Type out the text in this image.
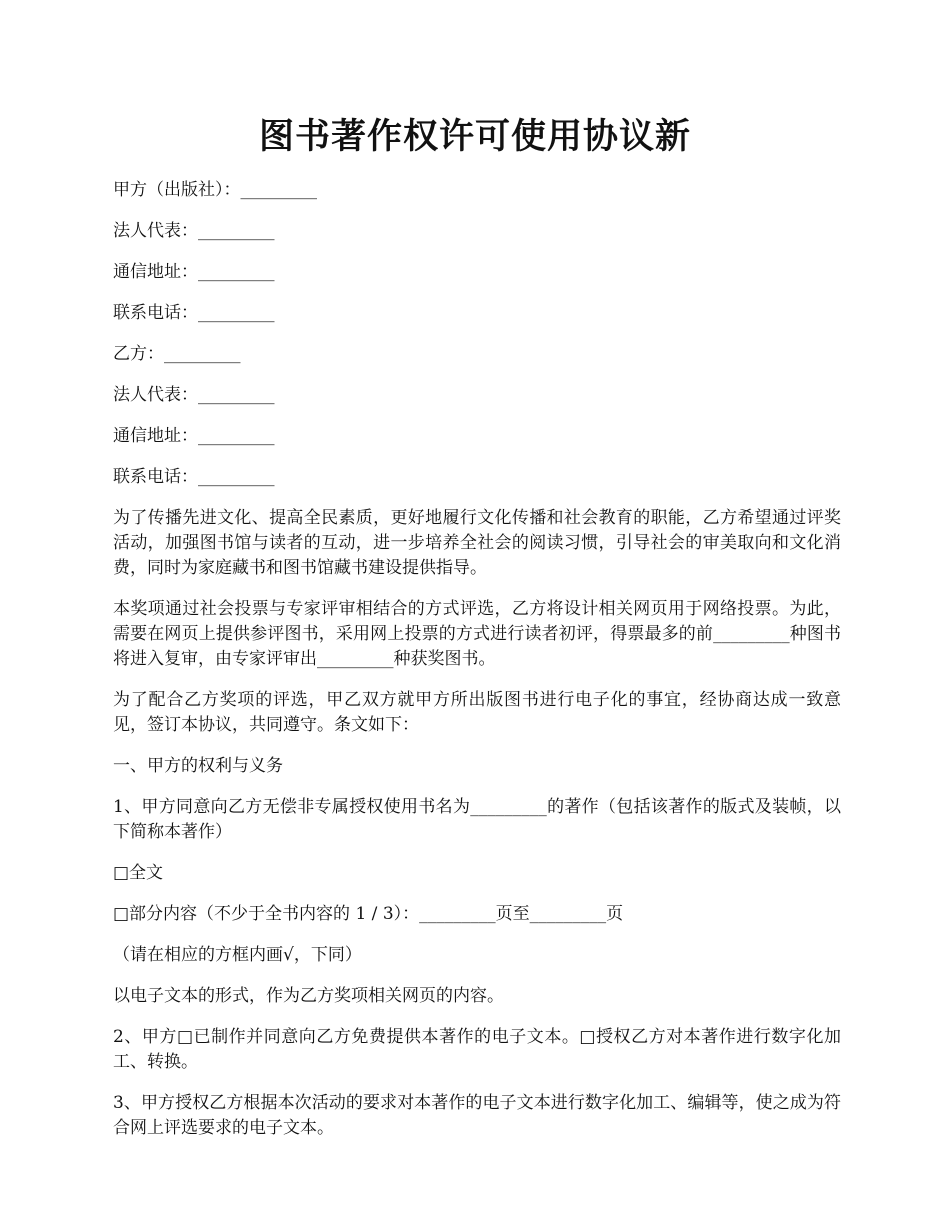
图书著作权许可使用协议新
甲方（出版社）：_________
法人代表：_________
通信地址：_________
联系电话：_________
乙方：_________
法人代表：_________
通信地址：_________
联系电话：_________
为了传播先进文化、提高全民素质，更好地履行文化传播和社会教育的职能，乙方希望通过评奖活动，加强图书馆与读者的互动，进一步培养全社会的阅读习惯，引导社会的审美取向和文化消费，同时为家庭藏书和图书馆藏书建设提供指导。
本奖项通过社会投票与专家评审相结合的方式评选，乙方将设计相关网页用于网络投票。为此，需要在网页上提供参评图书，采用网上投票的方式进行读者初评，得票最多的前_________种图书将进入复审，由专家评审出_________种获奖图书。
为了配合乙方奖项的评选，甲乙双方就甲方所出版图书进行电子化的事宜，经协商达成一致意见，签订本协议，共同遵守。条文如下：
一、甲方的权利与义务
1、甲方同意向乙方无偿非专属授权使用书名为_________的著作（包括该著作的版式及装帧，以下简称本著作）
□全文
□部分内容（不少于全书内容的 1 / 3）：_________页至_________页
（请在相应的方框内画√，下同）
以电子文本的形式，作为乙方奖项相关网页的内容。
2、甲方□已制作并同意向乙方免费提供本著作的电子文本。□授权乙方对本著作进行数字化加工、转换。
3、甲方授权乙方根据本次活动的要求对本著作的电子文本进行数字化加工、编辑等，使之成为符合网上评选要求的电子文本。
